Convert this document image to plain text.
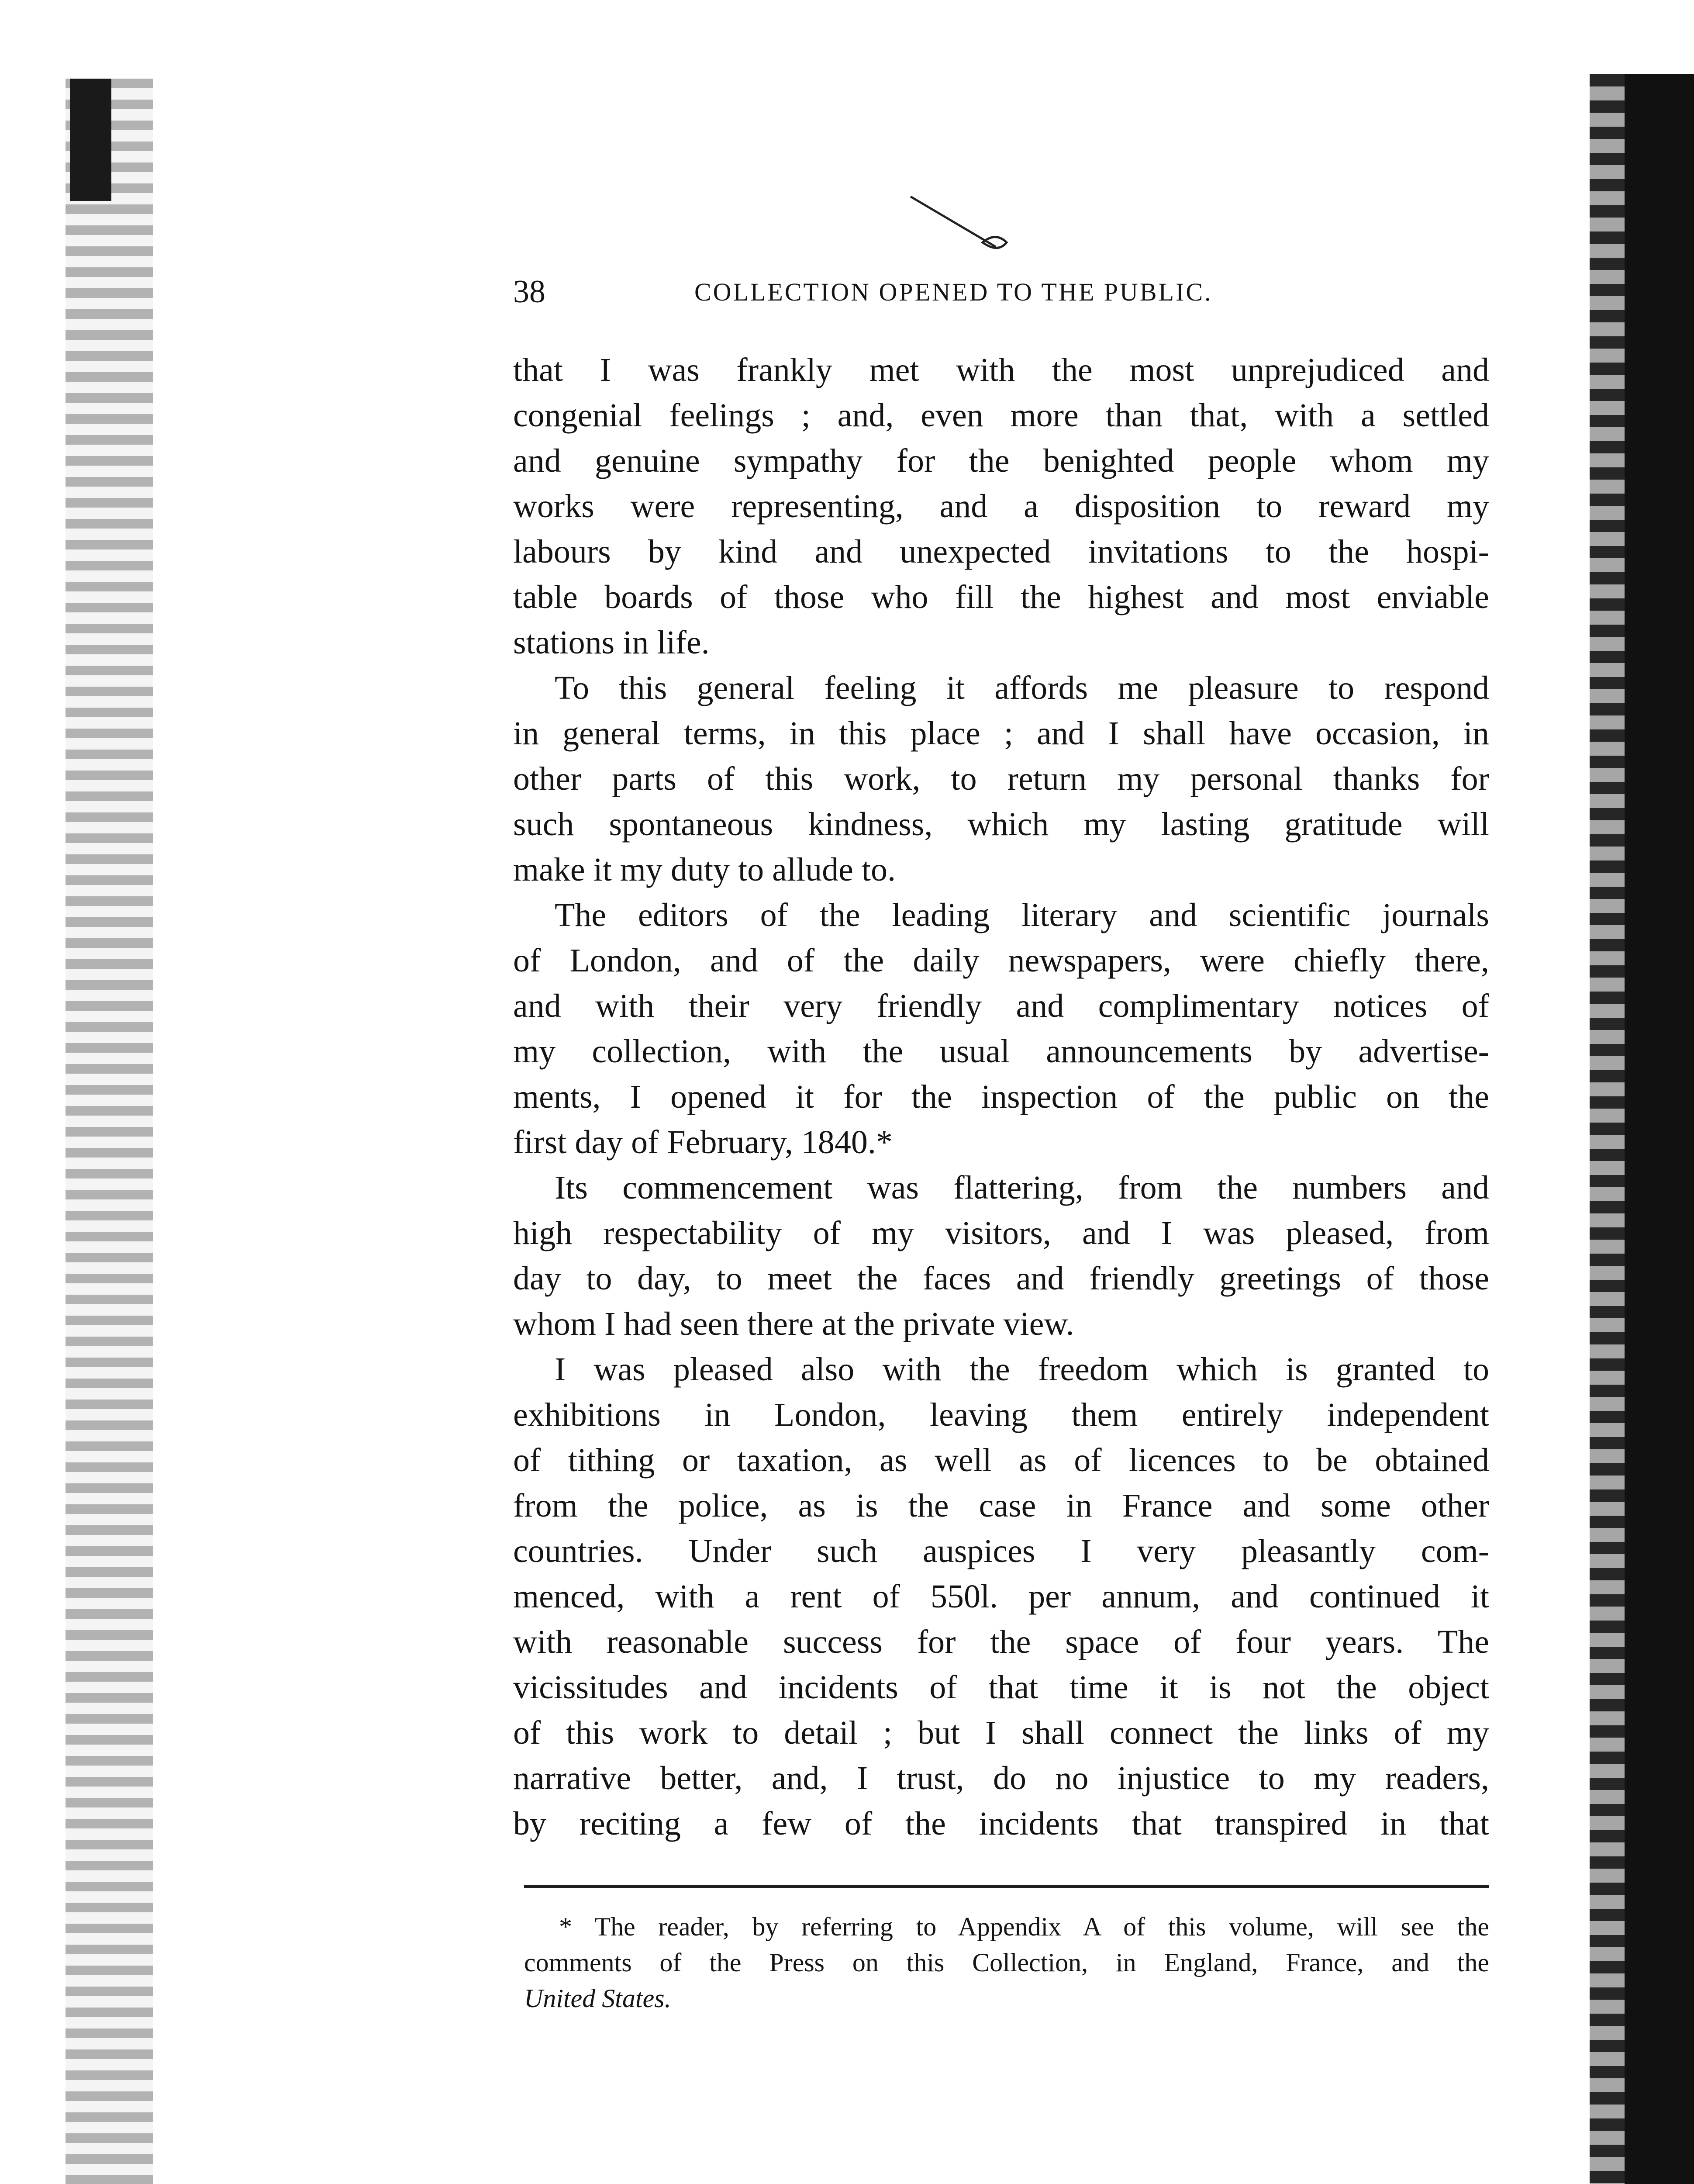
38	COLLECTION OPENED TO THE PUBLIC.
that I was frankly met with the most unprejudiced and
congenial feelings ; and, even more than that, with a settled
and genuine sympathy for the benighted people whom my
works were representing, and a disposition to reward my
labours by kind and unexpected invitations to the hospi-
table boards of those who fill the highest and most enviable
stations in life.
To this general feeling it affords me pleasure to respond
in general terms, in this place ; and I shall have occasion, in
other parts of this work, to return my personal thanks for
such spontaneous kindness, which my lasting gratitude will
make it my duty to allude to.
The editors of the leading literary and scientific journals
of London, and of the daily newspapers, were chiefly there,
and with their very friendly and complimentary notices of
my collection, with the usual announcements by advertise-
ments, I opened it for the inspection of the public on the
first day of February, 1840.*
Its commencement was flattering, from the numbers and
high respectability of my visitors, and I was pleased, from
day to day, to meet the faces and friendly greetings of those
whom I had seen there at the private view.
I was pleased also with the freedom which is granted to
exhibitions in London, leaving them entirely independent
of tithing or taxation, as well as of licences to be obtained
from the police, as is the case in France and some other
countries. Under such auspices I very pleasantly com-
menced, with a rent of 550l. per annum, and continued it
with reasonable success for the space of four years. The
vicissitudes and incidents of that time it is not the object
of this work to detail ; but I shall connect the links of my
narrative better, and, I trust, do no injustice to my readers,
by reciting a few of the incidents that transpired in that
* The reader, by referring to Appendix A of this volume, will see the
comments of the Press on this Collection, in England, France, and the
United States.
